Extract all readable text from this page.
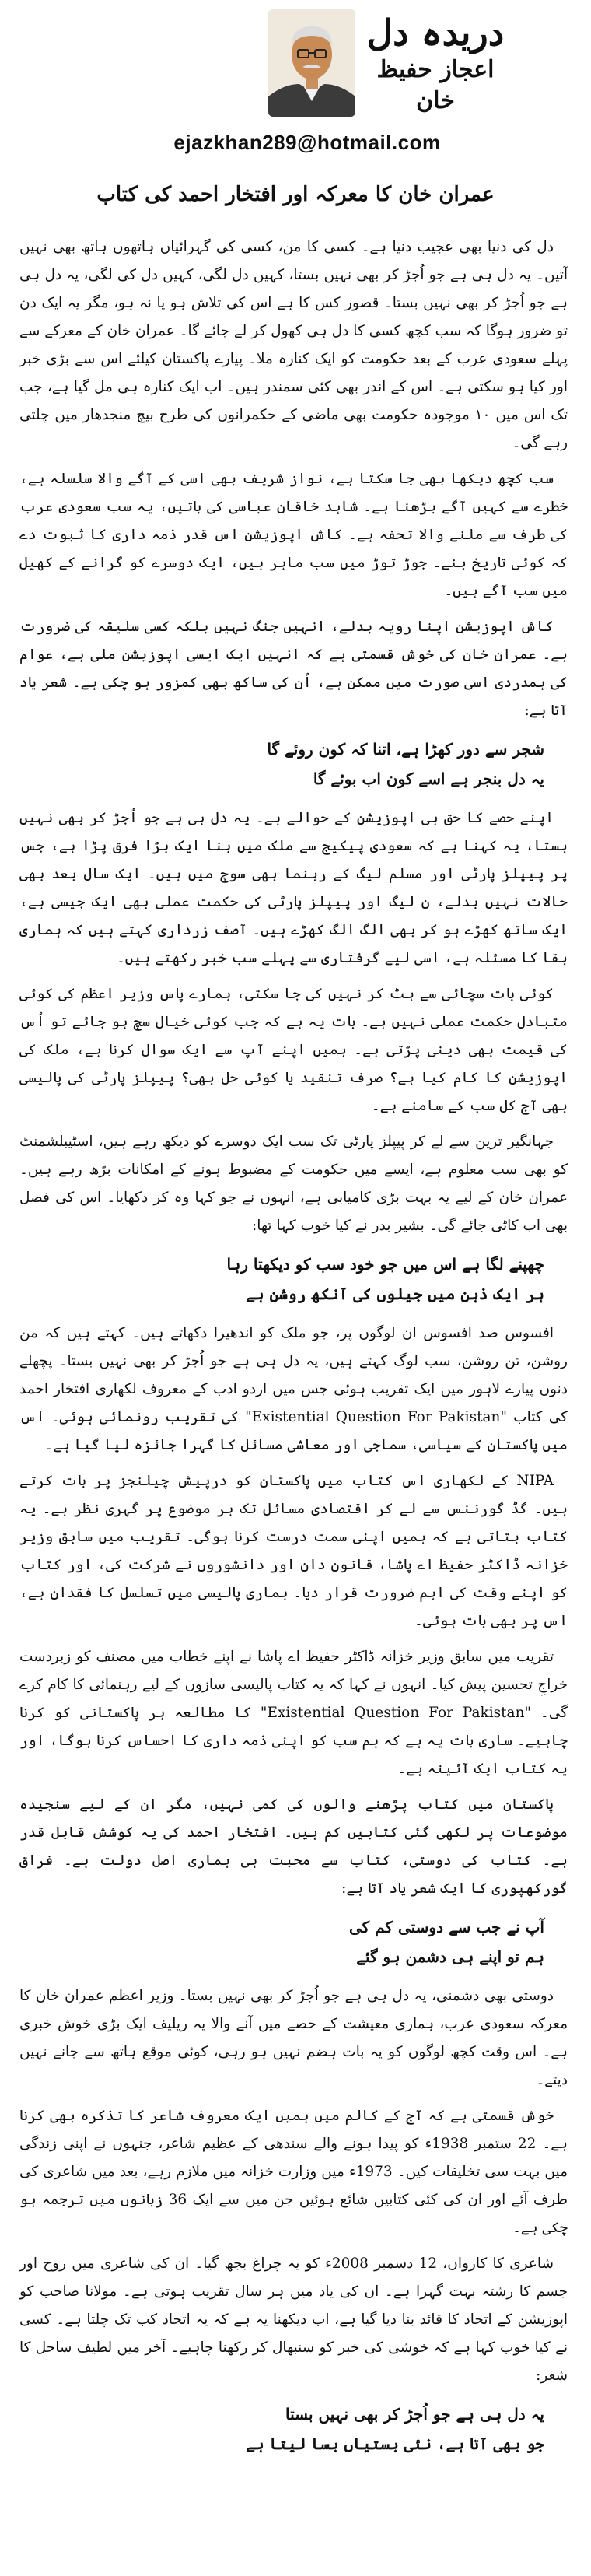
دریدہ دل
اعجاز حفیظ خان
ejazkhan289@hotmail.com
عمران خان کا معرکہ اور افتخار احمد کی کتاب

دل کی دنیا بھی عجیب دنیا ہے۔ کسی کا من، کسی کی گہرائیاں ہاتھوں ہاتھ بھی نہیں آتیں۔ یہ دل ہی ہے جو اُجڑ کر بھی نہیں بستا، کہیں دل لگی، کہیں دل کی لگی، یہ دل ہی ہے جو اُجڑ کر بھی نہیں بستا۔ قصور کس کا ہے اس کی تلاش ہو یا نہ ہو، مگر یہ ایک دن تو ضرور ہوگا کہ سب کچھ کسی کا دل ہی کھول کر لے جائے گا۔ عمران خان کے معرکے سے پہلے سعودی عرب کے بعد حکومت کو ایک کنارہ ملا۔ پیارے پاکستان کیلئے اس سے بڑی خبر اور کیا ہو سکتی ہے۔ اس کے اندر بھی کئی سمندر ہیں۔ اب ایک کنارہ ہی مل گیا ہے، جب تک اس میں ۱۰ موجودہ حکومت بھی ماضی کے حکمرانوں کی طرح بیچ منجدھار میں چلتی رہے گی۔

سب کچھ دیکھا بھی جا سکتا ہے، نواز شریف بھی اسی کے آگے والا سلسلہ ہے، خطرے سے کہیں آگے بڑھنا ہے۔ شاہد خاقان عباسی کی باتیں، یہ سب سعودی عرب کی طرف سے ملنے والا تحفہ ہے۔ کاش اپوزیشن اس قدر ذمہ داری کا ثبوت دے کہ کوئی تاریخ بنے۔ جوڑ توڑ میں سب ماہر ہیں، ایک دوسرے کو گرانے کے کھیل میں سب آگے ہیں۔

کاش اپوزیشن اپنا رویہ بدلے، انہیں جنگ نہیں بلکہ کسی سلیقہ کی ضرورت ہے۔ عمران خان کی خوش قسمتی ہے کہ انہیں ایک ایسی اپوزیشن ملی ہے، عوام کی ہمدردی اسی صورت میں ممکن ہے، اُن کی ساکھ بھی کمزور ہو چکی ہے۔ شعر یاد آتا ہے:

شجر سے دور کھڑا ہے، اتنا کہ کون روئے گا
یہ دل بنجر ہے اسے کون اب بوئے گا

اپنے حصے کا حق ہی اپوزیشن کے حوالے ہے۔ یہ دل ہی ہے جو اُجڑ کر بھی نہیں بستا، یہ کہنا ہے کہ سعودی پیکیج سے ملک میں بنا ایک بڑا فرق پڑا ہے، جس پر پیپلز پارٹی اور مسلم لیگ کے رہنما بھی سوچ میں ہیں۔ ایک سال بعد بھی حالات نہیں بدلے، ن لیگ اور پیپلز پارٹی کی حکمت عملی بھی ایک جیسی ہے، ایک ساتھ کھڑے ہو کر بھی الگ الگ کھڑے ہیں۔ آصف زرداری کہتے ہیں کہ ہماری بقا کا مسئلہ ہے، اسی لیے گرفتاری سے پہلے سب خبر رکھتے ہیں۔

کوئی بات سچائی سے ہٹ کر نہیں کی جا سکتی، ہمارے پاس وزیر اعظم کی کوئی متبادل حکمت عملی نہیں ہے۔ بات یہ ہے کہ جب کوئی خیال سچ ہو جائے تو اُس کی قیمت بھی دینی پڑتی ہے۔ ہمیں اپنے آپ سے ایک سوال کرنا ہے، ملک کی اپوزیشن کا کام کیا ہے؟ صرف تنقید یا کوئی حل بھی؟ پیپلز پارٹی کی پالیسی بھی آج کل سب کے سامنے ہے۔

جہانگیر ترین سے لے کر پیپلز پارٹی تک سب ایک دوسرے کو دیکھ رہے ہیں، اسٹیبلشمنٹ کو بھی سب معلوم ہے، ایسے میں حکومت کے مضبوط ہونے کے امکانات بڑھ رہے ہیں۔ عمران خان کے لیے یہ بہت بڑی کامیابی ہے، انہوں نے جو کہا وہ کر دکھایا۔ اس کی فصل بھی اب کاٹی جائے گی۔ بشیر بدر نے کیا خوب کہا تھا:

چھپنے لگا ہے اس میں جو خود سب کو دیکھتا رہا
ہر ایک ذہن میں جیلوں کی آنکھ روشن ہے

افسوس صد افسوس ان لوگوں پر، جو ملک کو اندھیرا دکھاتے ہیں۔ کہتے ہیں کہ من روشن، تن روشن، سب لوگ کہتے ہیں، یہ دل ہی ہے جو اُجڑ کر بھی نہیں بستا۔ پچھلے دنوں پیارے لاہور میں ایک تقریب ہوئی جس میں اردو ادب کے معروف لکھاری افتخار احمد کی کتاب "Existential Question For Pakistan" کی تقریب رونمائی ہوئی۔ اس میں پاکستان کے سیاسی، سماجی اور معاشی مسائل کا گہرا جائزہ لیا گیا ہے۔

NIPA کے لکھاری اس کتاب میں پاکستان کو درپیش چیلنجز پر بات کرتے ہیں۔ گڈ گورننس سے لے کر اقتصادی مسائل تک ہر موضوع پر گہری نظر ہے۔ یہ کتاب بتاتی ہے کہ ہمیں اپنی سمت درست کرنا ہوگی۔ تقریب میں سابق وزیر خزانہ ڈاکٹر حفیظ اے پاشا، قانون دان اور دانشوروں نے شرکت کی، اور کتاب کو اپنے وقت کی اہم ضرورت قرار دیا۔ ہماری پالیسی میں تسلسل کا فقدان ہے، اس پر بھی بات ہوئی۔

تقریب میں سابق وزیر خزانہ ڈاکٹر حفیظ اے پاشا نے اپنے خطاب میں مصنف کو زبردست خراجِ تحسین پیش کیا۔ انہوں نے کہا کہ یہ کتاب پالیسی سازوں کے لیے رہنمائی کا کام کرے گی۔ "Existential Question For Pakistan" کا مطالعہ ہر پاکستانی کو کرنا چاہیے۔ ساری بات یہ ہے کہ ہم سب کو اپنی ذمہ داری کا احساس کرنا ہوگا، اور یہ کتاب ایک آئینہ ہے۔

پاکستان میں کتاب پڑھنے والوں کی کمی نہیں، مگر ان کے لیے سنجیدہ موضوعات پر لکھی گئی کتابیں کم ہیں۔ افتخار احمد کی یہ کوشش قابل قدر ہے۔ کتاب کی دوستی، کتاب سے محبت ہی ہماری اصل دولت ہے۔ فراق گورکھپوری کا ایک شعر یاد آتا ہے:

آپ نے جب سے دوستی کم کی
ہم تو اپنے ہی دشمن ہو گئے

دوستی بھی دشمنی، یہ دل ہی ہے جو اُجڑ کر بھی نہیں بستا۔ وزیر اعظم عمران خان کا معرکہ سعودی عرب، ہماری معیشت کے حصے میں آنے والا یہ ریلیف ایک بڑی خوش خبری ہے۔ اس وقت کچھ لوگوں کو یہ بات ہضم نہیں ہو رہی، کوئی موقع ہاتھ سے جانے نہیں دیتے۔

خوش قسمتی ہے کہ آج کے کالم میں ہمیں ایک معروف شاعر کا تذکرہ بھی کرنا ہے۔ 22 ستمبر 1938ء کو پیدا ہونے والے سندھی کے عظیم شاعر، جنہوں نے اپنی زندگی میں بہت سی تخلیقات کیں۔ 1973ء میں وزارت خزانہ میں ملازم رہے، بعد میں شاعری کی طرف آئے اور ان کی کئی کتابیں شائع ہوئیں جن میں سے ایک 36 زبانوں میں ترجمہ ہو چکی ہے۔

شاعری کا کارواں، 12 دسمبر 2008ء کو یہ چراغ بجھ گیا۔ ان کی شاعری میں روح اور جسم کا رشتہ بہت گہرا ہے۔ ان کی یاد میں ہر سال تقریب ہوتی ہے۔ مولانا صاحب کو اپوزیشن کے اتحاد کا قائد بنا دیا گیا ہے، اب دیکھنا یہ ہے کہ یہ اتحاد کب تک چلتا ہے۔ کسی نے کیا خوب کہا ہے کہ خوشی کی خبر کو سنبھال کر رکھنا چاہیے۔ آخر میں لطیف ساحل کا شعر:

یہ دل ہی ہے جو اُجڑ کر بھی نہیں بستا
جو بھی آتا ہے، نئی بستیاں بسا لیتا ہے
